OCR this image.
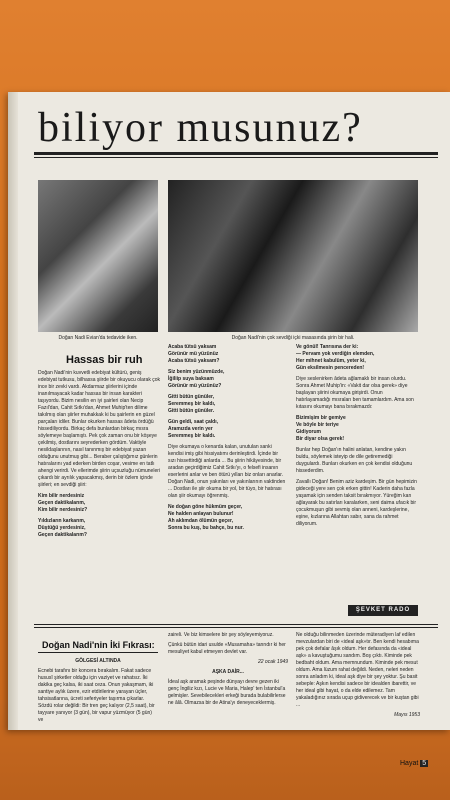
biliyor musunuz?
Doğan Nadi Evian'da tedavide iken.	Doğan Nadi'nin çok sevdiği içki masasında şirin bir hali.
Hassas bir ruh

Doğan Nadi'nin kuvvetli edebiyat kültürü, geniş edebiyat tutkusu, bilhassa şiirde bir okuyucu olarak çok ince bir zevki vardı. Akdarmaz şiirlerini içinde inanılmayacak kadar hassas bir insan karakteri taşıyordu. Bizim nesilin en iyi şairleri olan Necip Fazıl'dan, Cahit Sıtkı'dan, Ahmet Muhip'ten dilime takılmış olan şiirler muhakkak ki bu şairlerin en güzel parçaları idiler. Bunlar okurken hassas âdeta ördüğü hissediliyordu. Birkaç defa bunlardan birkaç mısra söylemeye başlamıştı. Pek çok zaman onu bir köşeye çekilmiş, dostlarını seyrederken gördüm. Vaktiyle nesildaşlarının, nasıl tanınmış bir edebiyat yazarı olduğunu unutmuş gibi... Beraber çalıştığımız günlerin hatıralarını yad ederken birden coşar, vesime en tatlı ahengi verirdi. Ve ellerimde şiirin uçsuzluğu nümuneleri çıkardı bir ayrılık yapacakmış, derin bir özlem içinde şiirleri; en sevdiği şiiri:

Kim bilir nerdesiniz
Geçen daktikalarım,
Kim bilir nerdesiniz?

Yıldızların karkarım,
Düştüğü yerdesiniz,
Geçen daktikalarım?

Acaba tütsü yaksam
Görünür mü yüzünüz
Acaba tütsü yaksam?

Siz benim yüzünmüzde,
İğiliip suya baksam
Görünür mü yüzünüz?

Gitti bütün günüler,
Seremmeş bir kaldı,
Gitti bütün günüler.

Gün geldi, saat çaldı,
Aramızda verin yer
Seremmeş bir kaldı.

Diye okumaya o kenarda kalan, unutulan sanki kendisi imiş gibi hissiyatımı derinleştirdi. İçinde bir sızı hissettirdiği anlarda ... Bu şiirin hikâyesinde, bir aradan geçirdiğimiz Cahit Sıtkı'yı, o felsefi insanın eserlerini anlar ve ben ötürü yılları biz onları anarlar. Doğan Nadi, onun yakınları ve yakınlarının vaktinden ... Dostları ile şiir okuma bir yol, bir tüyo, bir hatırası olan şiir okumayı öğrenmiş.

Ne doğan göne hükmüm geçer,
Ne halden anlayan bulunur!
Ah aklımdan ölümün geçer,
Sonra bu kuş, bu bahçe, bu nur.

Ve gönül! Tanrısına der ki:
— Pervam yok verdiğin elemden,
Her mihnet kabulüm, yeter ki,
Gün eksilmesin pencereden!

Diye seslenirken âdeta ağlamaklı bir insan olurdu. Sonra Ahmet Muhip'in: «Vakit dar olsa gerek» diye başlayan şiirini okumaya girişirdi. Onun hatırlayamadığı mısraları ben tamamlardım. Ama son kıtasını okumayı bana bırakmazdı:

Bizimişim bir gemiye
Ve böyle bir teriye
Gidiyorum
Bir diyar olsa gerek!

Bunlar hep Doğan'ın halini anlatan, kendine yakın buldu, söylemek isteyip de dile getiremediği duygulardı. Bunları okurken en çok kendisi olduğunu hissederdim.

Zavallı Doğan! Benim aziz kardeşim. Bir gün hepimizin gideceği yere sen çok erken gittin! Kaderin daha fazla yaşamak için senden taksit bırakmıyor. Yüreğim kan ağlayarak bu satırları karalarken, seni daima ufacık bir çocukmuşun gibi sevmiş olan anneni, kardeşlerine, eşine, kızlarına Allahtan sabır, sana da rahmet diliyorum.

ŞEVKET RADO
Doğan Nadi'nin İki Fıkrası:

GÖLGESİ ALTINDA

Ecnebi tarafını bir koncera bırakalım. Fakat sadece hususî şirketler olduğu için vaziyet ve rahatsız. İki dakika geç kalsa, iki saat ceza. Onun yakaşmam, iki santiye aylık üzere, ezir etdirilerine yarayan üçler, tahsisatlarına, ücreti seferiyeler taşırma çıkarlar. Sözdü rolar değildi: Bir tren geç kalıyor (2,5 saat), bir tayyare yanıyor (3 gün), bir vapur yüzmüyor (5 gün) ve

zaireli. Ve biz kimselere bir şey söyleyemiyoruz.

Çünkü bütün idari usulde «Musamaha» tanrıdır ki her mesuliyet kabul etmeyen devlet var.

22 ocak 1949

AŞKA DAİR...

İdeal aşk aramak peşinde dünyayı devre gezen iki genç İngiliz kızı, Lucie ve Maria, Halep' ten İstanbul'a gelmişler. Sevebilecekleri erkeği burada bulabilirlerse ne âlâ. Olmazsa bir de Atina'yı deneyeceklermiş.

Ne olduğu bilinmeden üzerinde müteradiyen laf edilen mevzulardan biri de «ideal aşk»tır. Ben kendi hesabıma pek çok defalar âşık oldum. Her defasında da «ideal aşk» a kavuştuğumu sandım. Boş çıktı. Kiminde pek bedbaht oldum. Ama memnundum. Kiminde pek mesut oldum. Ama lüzum rahat değildi. Neden, neleri neden sonra anladım ki, ideal aşk diye bir şey yoktur. Şu basit sebeple: Aşkın kendisi sadece bir idealden ibarettir, ve her ideal gibi hayat, o da elde edilemez. Tam yakaladığınız sırada uçup gidiverecek ve bir kuştan gibi ...

Mayıs 1953

Hayat 5
